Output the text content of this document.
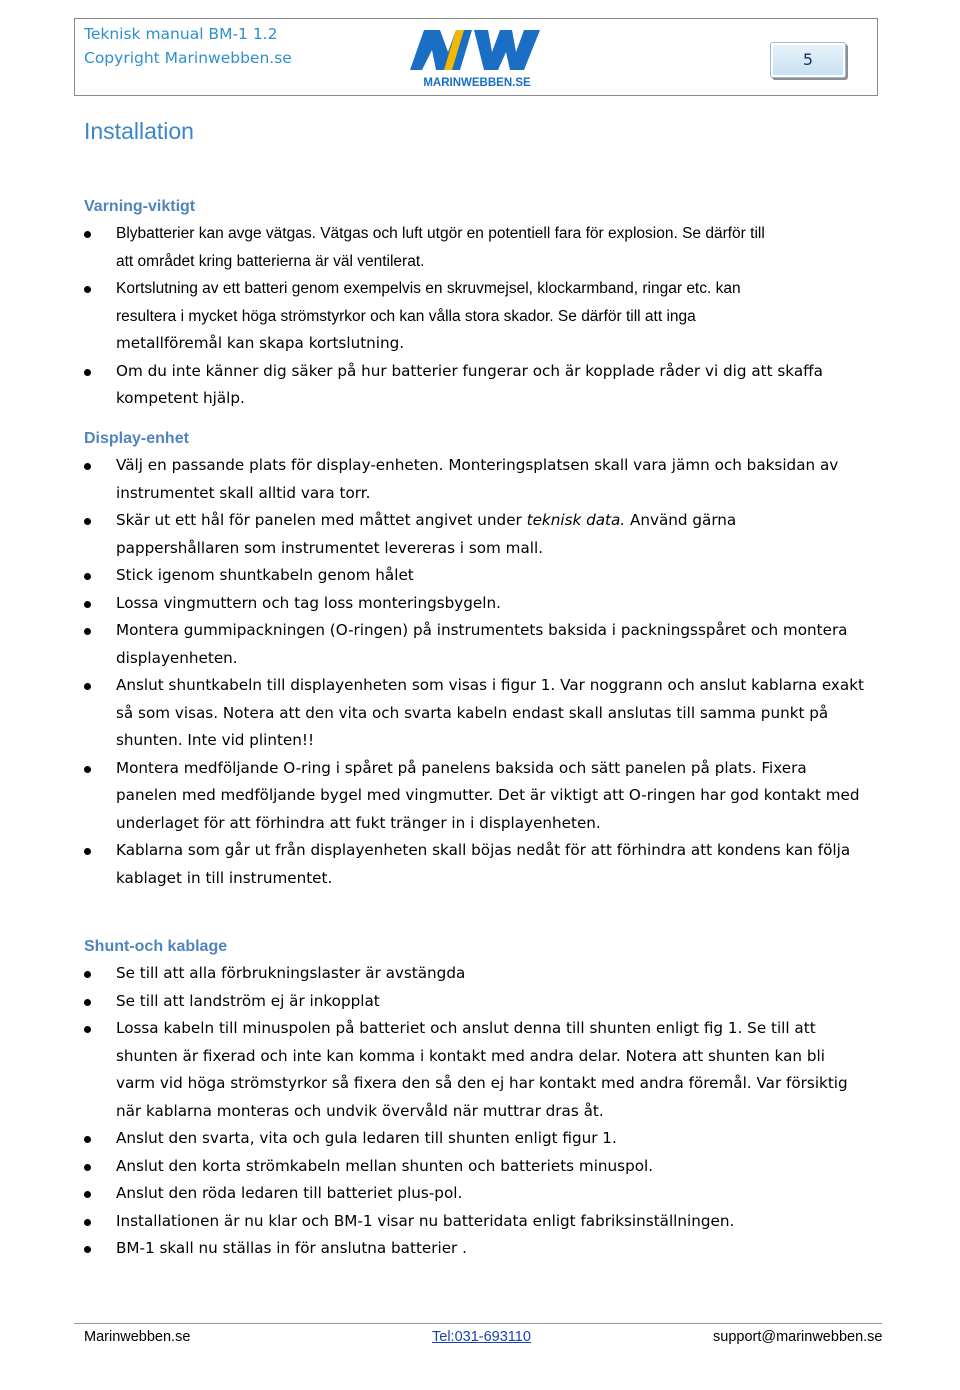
Teknisk manual BM-1 1.2
Copyright Marinwebben.se
MARINWEBBEN.SE
5
Installation
Varning-viktigt
Blybatterier kan avge vätgas. Vätgas och luft utgör en potentiell fara för explosion. Se därför till
att området kring batterierna är väl ventilerat.
Kortslutning av ett batteri genom exempelvis en skruvmejsel, klockarmband, ringar etc. kan
resultera i mycket höga strömstyrkor och kan vålla stora skador. Se därför till att inga
metallföremål kan skapa kortslutning.
Om du inte känner dig säker på hur batterier fungerar och är kopplade råder vi dig att skaffa
kompetent hjälp.
Display-enhet
Välj en passande plats för display-enheten. Monteringsplatsen skall vara jämn och baksidan av
instrumentet skall alltid vara torr.
Skär ut ett hål för panelen med måttet angivet under teknisk data. Använd gärna
pappershållaren som instrumentet levereras i som mall.
Stick igenom shuntkabeln genom hålet
Lossa vingmuttern och tag loss monteringsbygeln.
Montera gummipackningen (O-ringen) på instrumentets baksida i packningsspåret och montera
displayenheten.
Anslut shuntkabeln till displayenheten som visas i figur 1. Var noggrann och anslut kablarna exakt
så som visas. Notera att den vita och svarta kabeln endast skall anslutas till samma punkt på
shunten. Inte vid plinten!!
Montera medföljande O-ring i spåret på panelens baksida och sätt panelen på plats. Fixera
panelen med medföljande bygel med vingmutter. Det är viktigt att O-ringen har god kontakt med
underlaget för att förhindra att fukt tränger in i displayenheten.
Kablarna som går ut från displayenheten skall böjas nedåt för att förhindra att kondens kan följa
kablaget in till instrumentet.
Shunt-och kablage
Se till att alla förbrukningslaster är avstängda
Se till att landström ej är inkopplat
Lossa kabeln till minuspolen på batteriet och anslut denna till shunten enligt fig 1. Se till att
shunten är fixerad och inte kan komma i kontakt med andra delar. Notera att shunten kan bli
varm vid höga strömstyrkor så fixera den så den ej har kontakt med andra föremål. Var försiktig
när kablarna monteras och undvik övervåld när muttrar dras åt.
Anslut den svarta, vita och gula ledaren till shunten enligt figur 1.
Anslut den korta strömkabeln mellan shunten och batteriets minuspol.
Anslut den röda ledaren till batteriet plus-pol.
Installationen är nu klar och BM-1 visar nu batteridata enligt fabriksinställningen.
BM-1 skall nu ställas in för anslutna batterier .
Marinwebben.se	Tel:031-693110	support@marinwebben.se
